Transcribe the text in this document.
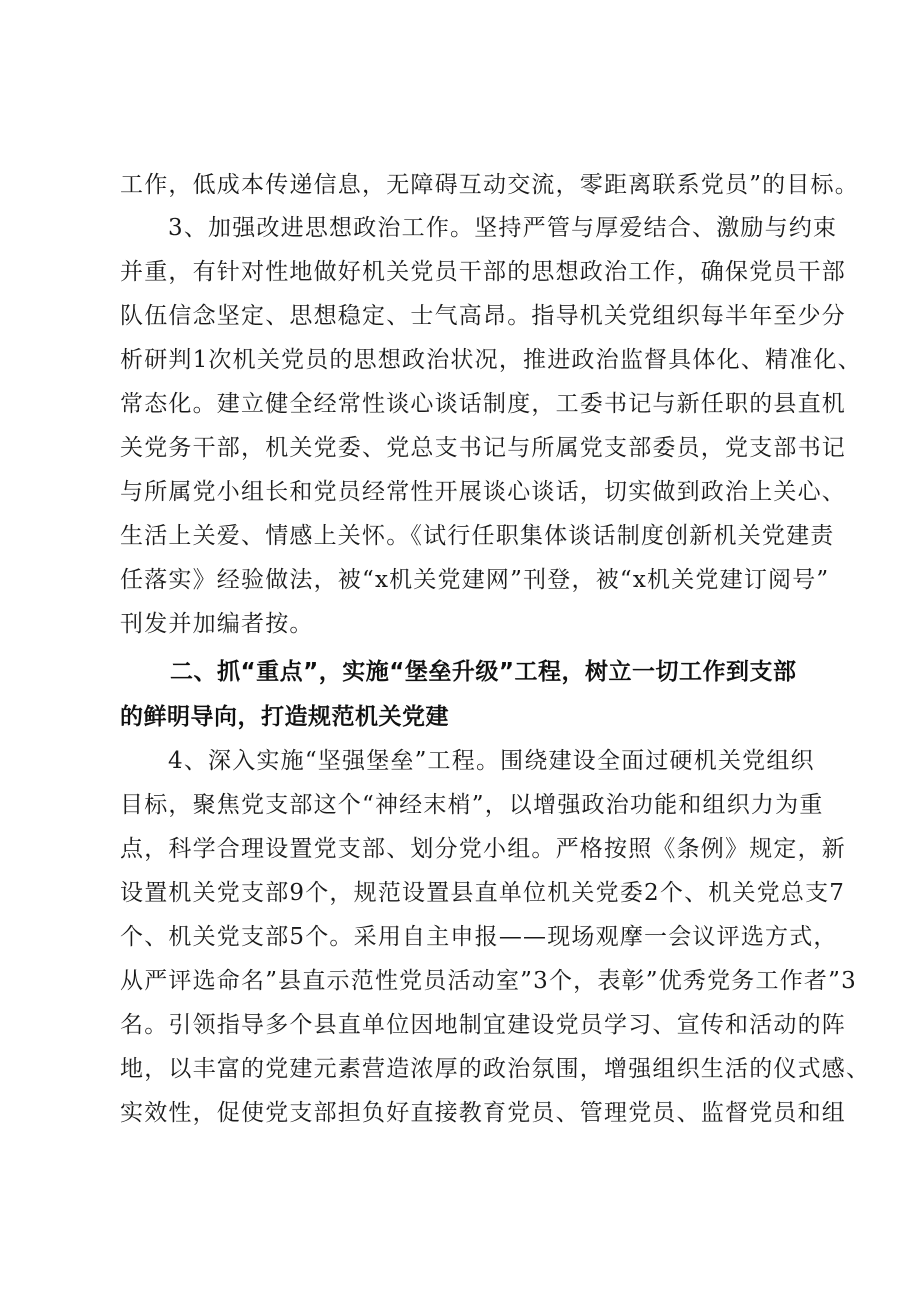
工作，低成本传递信息，无障碍互动交流，零距离联系党员”的目标。
3、加强改进思想政治工作。坚持严管与厚爱结合、激励与约束
并重，有针对性地做好机关党员干部的思想政治工作，确保党员干部
队伍信念坚定、思想稳定、士气高昂。指导机关党组织每半年至少分
析研判1次机关党员的思想政治状况，推进政治监督具体化、精准化、
常态化。建立健全经常性谈心谈话制度，工委书记与新任职的县直机
关党务干部，机关党委、党总支书记与所属党支部委员，党支部书记
与所属党小组长和党员经常性开展谈心谈话，切实做到政治上关心、
生活上关爱、情感上关怀。《试行任职集体谈话制度创新机关党建责
任落实》经验做法，被“x机关党建网”刊登，被“x机关党建订阅号”
刊发并加编者按。
二、抓“重点”，实施“堡垒升级”工程，树立一切工作到支部
的鲜明导向，打造规范机关党建
4、深入实施“坚强堡垒”工程。围绕建设全面过硬机关党组织
目标，聚焦党支部这个“神经末梢”，以增强政治功能和组织力为重
点，科学合理设置党支部、划分党小组。严格按照《条例》规定，新
设置机关党支部9个，规范设置县直单位机关党委2个、机关党总支7
个、机关党支部5个。采用自主申报——现场观摩一会议评选方式，
从严评选命名”县直示范性党员活动室”3个，表彰”优秀党务工作者”3
名。引领指导多个县直单位因地制宜建设党员学习、宣传和活动的阵
地，以丰富的党建元素营造浓厚的政治氛围，增强组织生活的仪式感、
实效性，促使党支部担负好直接教育党员、管理党员、监督党员和组
